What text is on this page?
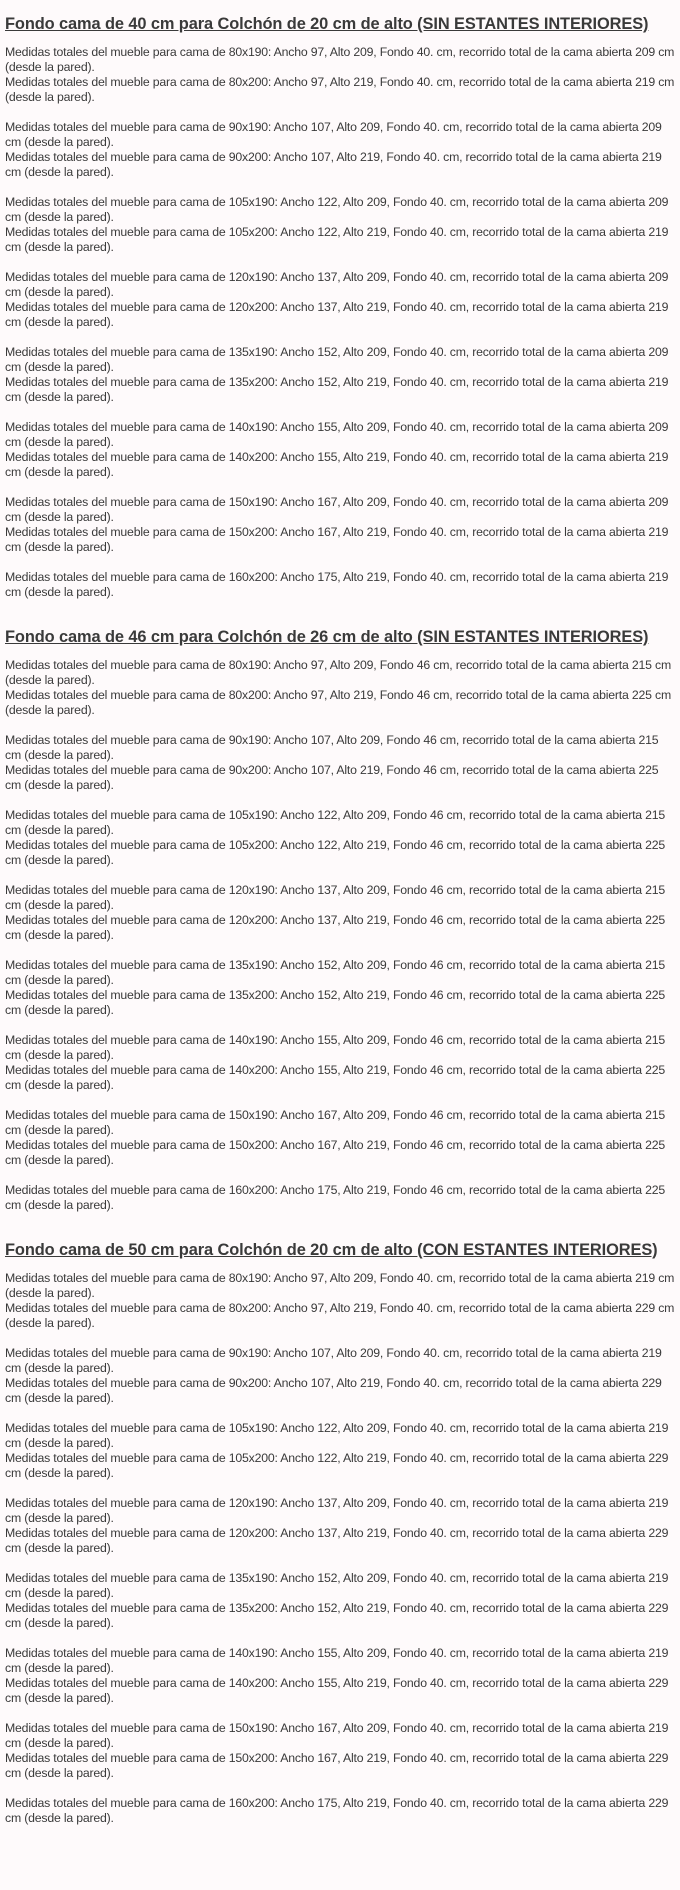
Fondo cama de 40 cm para Colchón de 20 cm de alto (SIN ESTANTES INTERIORES)

Medidas totales del mueble para cama de 80x190: Ancho 97, Alto 209, Fondo 40. cm, recorrido total de la cama abierta 209 cm (desde la pared).

Medidas totales del mueble para cama de 80x200: Ancho 97, Alto 219, Fondo 40. cm, recorrido total de la cama abierta 219 cm (desde la pared).

Medidas totales del mueble para cama de 90x190: Ancho 107, Alto 209, Fondo 40. cm, recorrido total de la cama abierta 209 cm (desde la pared).

Medidas totales del mueble para cama de 90x200: Ancho 107, Alto 219, Fondo 40. cm, recorrido total de la cama abierta 219 cm (desde la pared).

Medidas totales del mueble para cama de 105x190: Ancho 122, Alto 209, Fondo 40. cm, recorrido total de la cama abierta 209 cm (desde la pared).

Medidas totales del mueble para cama de 105x200: Ancho 122, Alto 219, Fondo 40. cm, recorrido total de la cama abierta 219 cm (desde la pared).

Medidas totales del mueble para cama de 120x190: Ancho 137, Alto 209, Fondo 40. cm, recorrido total de la cama abierta 209 cm (desde la pared).

Medidas totales del mueble para cama de 120x200: Ancho 137, Alto 219, Fondo 40. cm, recorrido total de la cama abierta 219 cm (desde la pared).

Medidas totales del mueble para cama de 135x190: Ancho 152, Alto 209, Fondo 40. cm, recorrido total de la cama abierta 209 cm (desde la pared).

Medidas totales del mueble para cama de 135x200: Ancho 152, Alto 219, Fondo 40. cm, recorrido total de la cama abierta 219 cm (desde la pared).

Medidas totales del mueble para cama de 140x190: Ancho 155, Alto 209, Fondo 40. cm, recorrido total de la cama abierta 209 cm (desde la pared).

Medidas totales del mueble para cama de 140x200: Ancho 155, Alto 219, Fondo 40. cm, recorrido total de la cama abierta 219 cm (desde la pared).

Medidas totales del mueble para cama de 150x190: Ancho 167, Alto 209, Fondo 40. cm, recorrido total de la cama abierta 209 cm (desde la pared).

Medidas totales del mueble para cama de 150x200: Ancho 167, Alto 219, Fondo 40. cm, recorrido total de la cama abierta 219 cm (desde la pared).

Medidas totales del mueble para cama de 160x200: Ancho 175, Alto 219, Fondo 40. cm, recorrido total de la cama abierta 219 cm (desde la pared).

Fondo cama de 46 cm para Colchón de 26 cm de alto (SIN ESTANTES INTERIORES)

Medidas totales del mueble para cama de 80x190: Ancho 97, Alto 209, Fondo 46 cm, recorrido total de la cama abierta 215 cm (desde la pared).

Medidas totales del mueble para cama de 80x200: Ancho 97, Alto 219, Fondo 46 cm, recorrido total de la cama abierta 225 cm (desde la pared).

Medidas totales del mueble para cama de 90x190: Ancho 107, Alto 209, Fondo 46 cm, recorrido total de la cama abierta 215 cm (desde la pared).

Medidas totales del mueble para cama de 90x200: Ancho 107, Alto 219, Fondo 46 cm, recorrido total de la cama abierta 225 cm (desde la pared).

Medidas totales del mueble para cama de 105x190: Ancho 122, Alto 209, Fondo 46 cm, recorrido total de la cama abierta 215 cm (desde la pared).

Medidas totales del mueble para cama de 105x200: Ancho 122, Alto 219, Fondo 46 cm, recorrido total de la cama abierta 225 cm (desde la pared).

Medidas totales del mueble para cama de 120x190: Ancho 137, Alto 209, Fondo 46 cm, recorrido total de la cama abierta 215 cm (desde la pared).

Medidas totales del mueble para cama de 120x200: Ancho 137, Alto 219, Fondo 46 cm, recorrido total de la cama abierta 225 cm (desde la pared).

Medidas totales del mueble para cama de 135x190: Ancho 152, Alto 209, Fondo 46 cm, recorrido total de la cama abierta 215 cm (desde la pared).

Medidas totales del mueble para cama de 135x200: Ancho 152, Alto 219, Fondo 46 cm, recorrido total de la cama abierta 225 cm (desde la pared).

Medidas totales del mueble para cama de 140x190: Ancho 155, Alto 209, Fondo 46 cm, recorrido total de la cama abierta 215 cm (desde la pared).

Medidas totales del mueble para cama de 140x200: Ancho 155, Alto 219, Fondo 46 cm, recorrido total de la cama abierta 225 cm (desde la pared).

Medidas totales del mueble para cama de 150x190: Ancho 167, Alto 209, Fondo 46 cm, recorrido total de la cama abierta 215 cm (desde la pared).

Medidas totales del mueble para cama de 150x200: Ancho 167, Alto 219, Fondo 46 cm, recorrido total de la cama abierta 225 cm (desde la pared).

Medidas totales del mueble para cama de 160x200: Ancho 175, Alto 219, Fondo 46 cm, recorrido total de la cama abierta 225 cm (desde la pared).

Fondo cama de 50 cm para Colchón de 20 cm de alto (CON ESTANTES INTERIORES)

Medidas totales del mueble para cama de 80x190: Ancho 97, Alto 209, Fondo 40. cm, recorrido total de la cama abierta 219 cm (desde la pared).

Medidas totales del mueble para cama de 80x200: Ancho 97, Alto 219, Fondo 40. cm, recorrido total de la cama abierta 229 cm (desde la pared).

Medidas totales del mueble para cama de 90x190: Ancho 107, Alto 209, Fondo 40. cm, recorrido total de la cama abierta 219 cm (desde la pared).

Medidas totales del mueble para cama de 90x200: Ancho 107, Alto 219, Fondo 40. cm, recorrido total de la cama abierta 229 cm (desde la pared).

Medidas totales del mueble para cama de 105x190: Ancho 122, Alto 209, Fondo 40. cm, recorrido total de la cama abierta 219 cm (desde la pared).

Medidas totales del mueble para cama de 105x200: Ancho 122, Alto 219, Fondo 40. cm, recorrido total de la cama abierta 229 cm (desde la pared).

Medidas totales del mueble para cama de 120x190: Ancho 137, Alto 209, Fondo 40. cm, recorrido total de la cama abierta 219 cm (desde la pared).

Medidas totales del mueble para cama de 120x200: Ancho 137, Alto 219, Fondo 40. cm, recorrido total de la cama abierta 229 cm (desde la pared).

Medidas totales del mueble para cama de 135x190: Ancho 152, Alto 209, Fondo 40. cm, recorrido total de la cama abierta 219 cm (desde la pared).

Medidas totales del mueble para cama de 135x200: Ancho 152, Alto 219, Fondo 40. cm, recorrido total de la cama abierta 229 cm (desde la pared).

Medidas totales del mueble para cama de 140x190: Ancho 155, Alto 209, Fondo 40. cm, recorrido total de la cama abierta 219 cm (desde la pared).

Medidas totales del mueble para cama de 140x200: Ancho 155, Alto 219, Fondo 40. cm, recorrido total de la cama abierta 229 cm (desde la pared).

Medidas totales del mueble para cama de 150x190: Ancho 167, Alto 209, Fondo 40. cm, recorrido total de la cama abierta 219 cm (desde la pared).

Medidas totales del mueble para cama de 150x200: Ancho 167, Alto 219, Fondo 40. cm, recorrido total de la cama abierta 229 cm (desde la pared).

Medidas totales del mueble para cama de 160x200: Ancho 175, Alto 219, Fondo 40. cm, recorrido total de la cama abierta 229 cm (desde la pared).
